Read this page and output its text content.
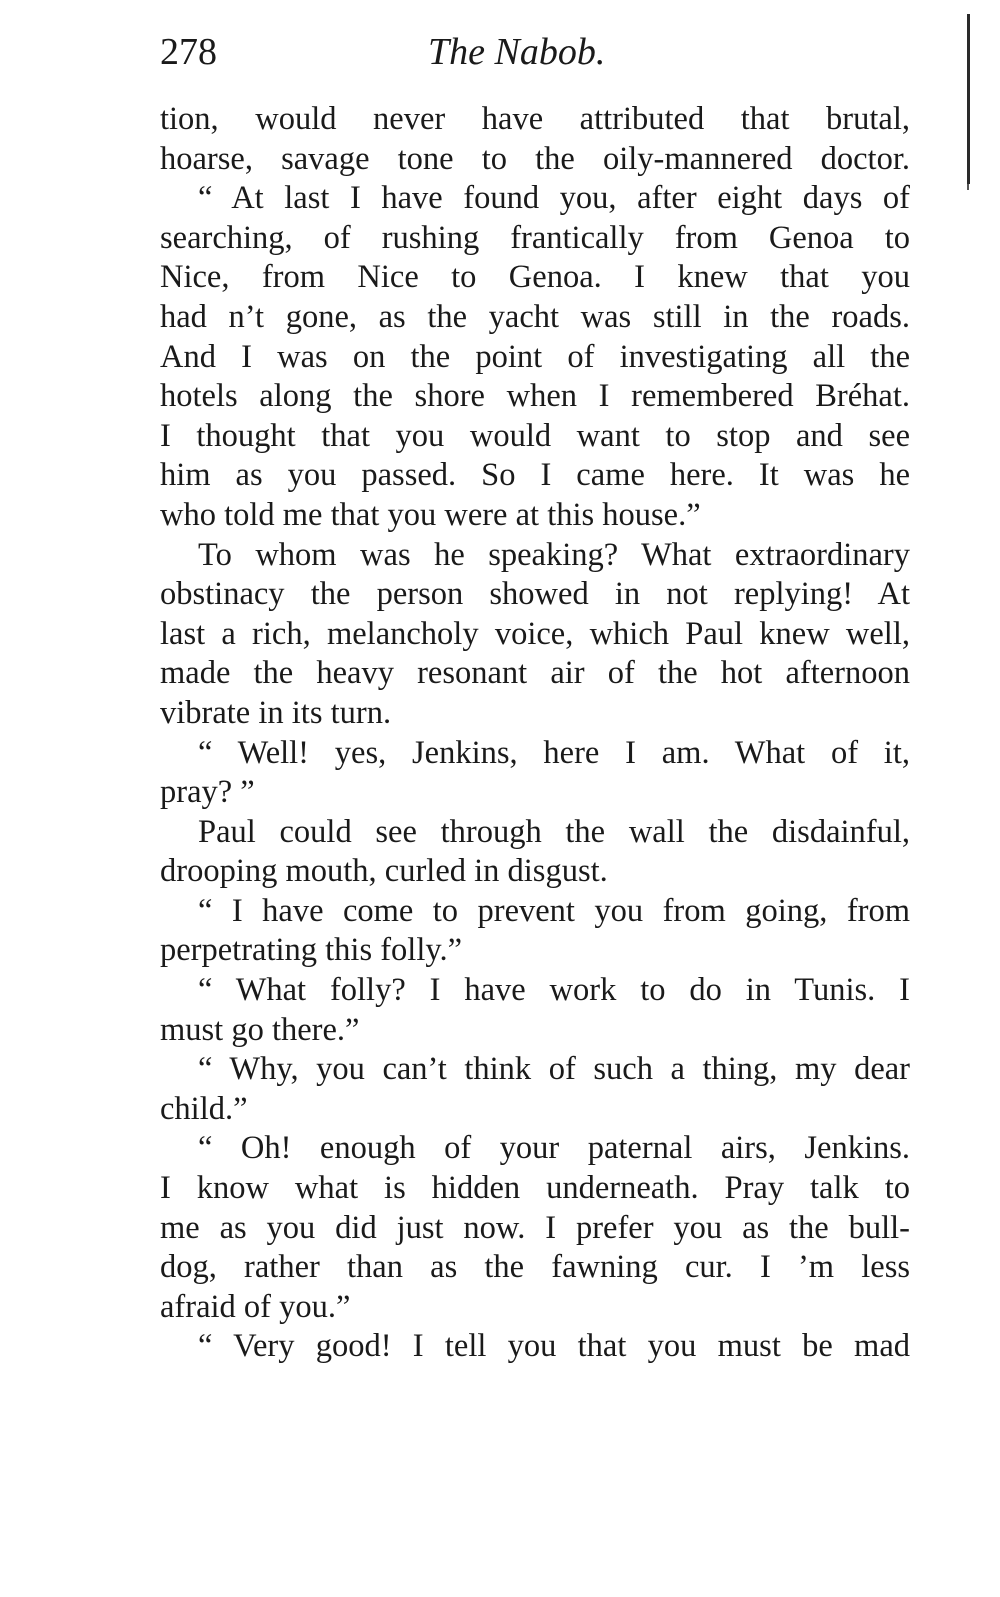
278	The Nabob.
tion, would never have attributed that brutal,
hoarse, savage tone to the oily-mannered doctor.
“ At last I have found you, after eight days of
searching, of rushing frantically from Genoa to
Nice, from Nice to Genoa. I knew that you
had n’t gone, as the yacht was still in the roads.
And I was on the point of investigating all the
hotels along the shore when I remembered Bréhat.
I thought that you would want to stop and see
him as you passed. So I came here. It was he
who told me that you were at this house.”
To whom was he speaking? What extraordinary
obstinacy the person showed in not replying! At
last a rich, melancholy voice, which Paul knew well,
made the heavy resonant air of the hot afternoon
vibrate in its turn.
“ Well! yes, Jenkins, here I am. What of it,
pray? ”
Paul could see through the wall the disdainful,
drooping mouth, curled in disgust.
“ I have come to prevent you from going, from
perpetrating this folly.”
“ What folly? I have work to do in Tunis. I
must go there.”
“ Why, you can’t think of such a thing, my dear
child.”
“ Oh! enough of your paternal airs, Jenkins.
I know what is hidden underneath. Pray talk to
me as you did just now. I prefer you as the bull-
dog, rather than as the fawning cur. I ’m less
afraid of you.”
“ Very good! I tell you that you must be mad
